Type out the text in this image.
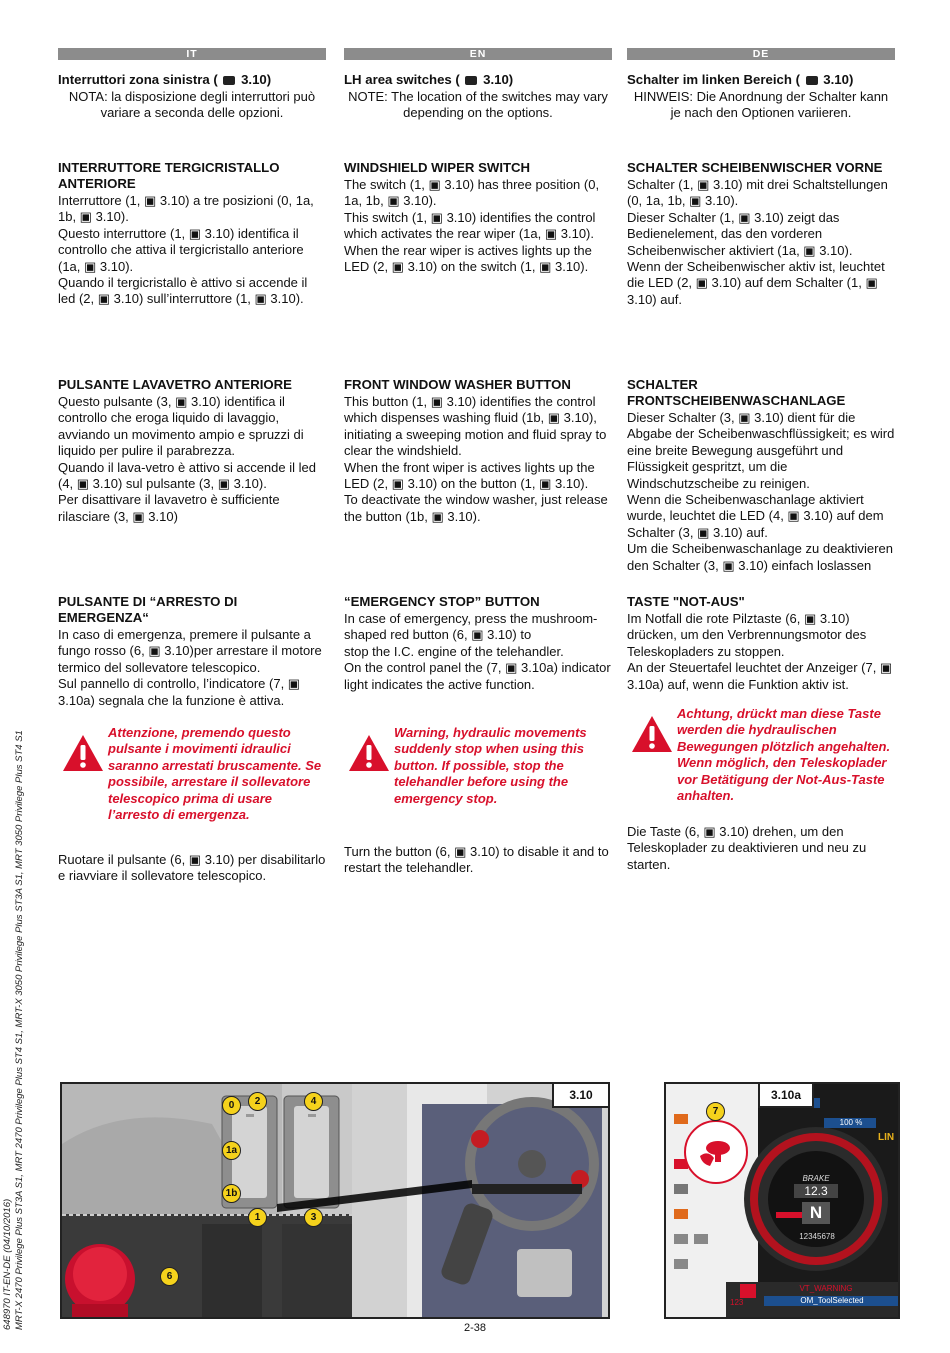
IT
Interruttori zona sinistra (  3.10)

NOTA: la disposizione degli interruttori può variare a seconda delle opzioni.

INTERRUTTORE TERGICRISTALLO ANTERIORE

Interruttore (1, ▣ 3.10) a tre posizioni (0, 1a, 1b, ▣ 3.10).

Questo interruttore (1, ▣ 3.10) identifica il controllo che attiva il tergicristallo anteriore (1a, ▣ 3.10).

Quando il tergicristallo è attivo si accende il led (2, ▣ 3.10) sull’interruttore (1, ▣ 3.10).

PULSANTE LAVAVETRO ANTERIORE

Questo pulsante (3, ▣ 3.10) identifica il controllo che eroga liquido di lavaggio, avviando un movimento ampio e spruzzi di liquido per pulire il parabrezza.

Quando il lava-vetro è attivo si accende il led (4, ▣ 3.10) sul pulsante (3, ▣ 3.10).

Per disattivare il lavavetro è sufficiente rilasciare (3, ▣ 3.10)

PULSANTE DI “ARRESTO DI EMERGENZA“

In caso di emergenza, premere il pulsante a fungo rosso (6, ▣ 3.10)per arrestare il motore termico del sollevatore telescopico.

Sul pannello di controllo, l’indicatore (7, ▣ 3.10a) segnala che la funzione è attiva.

EN
LH area switches (  3.10)

NOTE: The location of the switches may vary depending on the options.

WINDSHIELD WIPER SWITCH

The switch (1, ▣ 3.10) has three position (0, 1a, 1b, ▣ 3.10).

This switch (1, ▣ 3.10) identifies the control which activates the rear wiper (1a, ▣ 3.10).

When the rear wiper is actives lights up the LED (2, ▣ 3.10) on the switch (1, ▣ 3.10).

FRONT WINDOW WASHER BUTTON

This button (1, ▣ 3.10) identifies the control which dispenses washing fluid (1b, ▣ 3.10), initiating a sweeping motion and fluid spray to clear the windshield.

When the front wiper is actives lights up the LED (2, ▣ 3.10) on the button (1, ▣ 3.10).

To deactivate the window washer, just release the button (1b, ▣ 3.10).

“EMERGENCY STOP” BUTTON

In case of emergency, press the mushroom-shaped red button (6, ▣ 3.10) to

stop the I.C. engine of the telehandler.

On the control panel the (7, ▣ 3.10a) indicator light indicates the active function.

DE
Schalter im linken Bereich (  3.10)

HINWEIS: Die Anordnung der Schalter kann je nach den Optionen variieren.

SCHALTER SCHEIBENWISCHER VORNE

Schalter (1, ▣ 3.10) mit drei Schaltstellungen (0, 1a, 1b, ▣ 3.10).

Dieser Schalter (1, ▣ 3.10) zeigt das Bedienelement, das den vorderen Scheibenwischer aktiviert (1a, ▣ 3.10).

Wenn der Scheibenwischer aktiv ist, leuchtet die LED (2, ▣ 3.10) auf dem Schalter (1, ▣ 3.10) auf.

SCHALTER FRONTSCHEIBENWASCHANLAGE

Dieser Schalter (3, ▣ 3.10) dient für die Abgabe der Scheibenwaschflüssigkeit; es wird eine breite Bewegung ausgeführt und Flüssigkeit gespritzt, um die Windschutzscheibe zu reinigen.

Wenn die Scheibenwaschanlage aktiviert wurde, leuchtet die LED (4, ▣ 3.10) auf dem Schalter (3, ▣ 3.10) auf.

Um die Scheibenwaschanlage zu deaktivieren den Schalter (3, ▣ 3.10) einfach loslassen

TASTE "NOT-AUS"

Im Notfall die rote Pilztaste (6, ▣ 3.10) drücken, um den Verbrennungsmotor des Teleskopladers zu stoppen.

An der Steuertafel leuchtet der Anzeiger (7, ▣ 3.10a) auf, wenn die Funktion aktiv ist.

Attenzione, premendo questo pulsante i movimenti idraulici saranno arrestati bruscamente. Se possibile, arrestare il sollevatore telescopico prima di usare l’arresto di emergenza.
Warning, hydraulic movements suddenly stop when using this button. If possible, stop the telehandler before using the emergency stop.
Achtung, drückt man diese Taste werden die hydraulischen Bewegungen plötzlich angehalten. Wenn möglich, den Teleskoplader vor Betätigung der Not-Aus-Taste anhalten.

Ruotare il pulsante (6, ▣ 3.10) per disabilitarlo e riavviare il sollevatore telescopico.

Turn the button (6, ▣ 3.10) to disable it and to restart the telehandler.

Die Taste (6, ▣ 3.10) drehen, um den Teleskoplader zu deaktivieren und neu zu starten.

648970 IT-EN-DE (04/10/2016) MRT-X 2470 Privilege Plus ST3A S1, MRT 2470 Privilege Plus ST4 S1, MRT-X 3050 Privilege Plus ST3A S1, MRT 3050 Privilege Plus ST4 S1	3.10
0
1a
1b
1
2
3
4
6
100 %
LIN
BRAKE
12.3
N
12345678
VT_WARNING
OM_ToolSelected
123
3.10a
7
2-38
